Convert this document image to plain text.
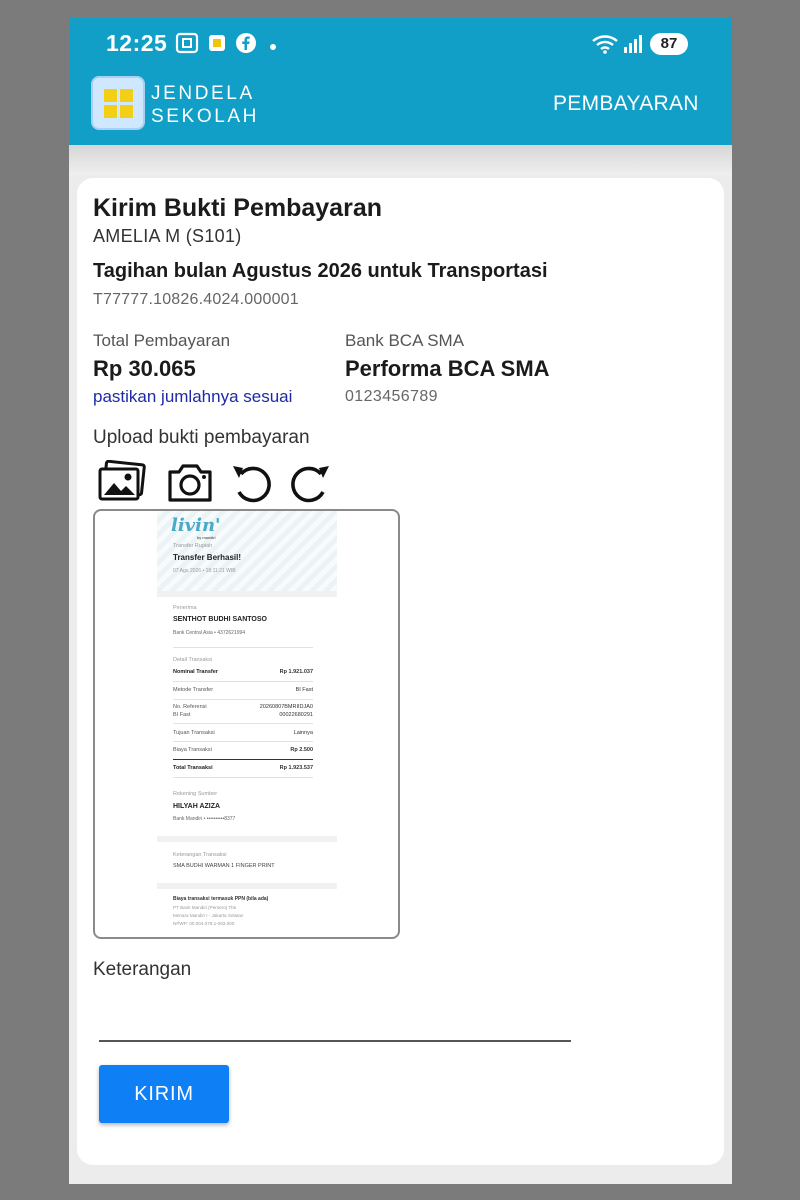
12:25	87
JENDELA
SEKOLAH
PEMBAYARAN
Kirim Bukti Pembayaran
AMELIA M (S101)
Tagihan bulan Agustus 2026 untuk Transportasi
T77777.10826.4024.000001
Total Pembayaran
Rp 30.065
pastikan jumlahnya sesuai
Bank BCA SMA
Performa BCA SMA
0123456789
Upload bukti pembayaran
livin'
by mandiri
Transfer Rupiah
Transfer Berhasil!
07 Agu 2026 • 18:11:21 WIB
Penerima
SENTHOT BUDHI SANTOSO
Bank Central Asia • 4372621994
Detail Transaksi
Nominal Transfer	Rp 1.921.037
Metode Transfer	BI Fast
No. Referensi	20260807BMRIIDJA0
BI Fast	000226802​91
Tujuan Transaksi	Lainnya
Biaya Transaksi	Rp 2.500
Total Transaksi	Rp 1.923.537
Rekening Sumber
HILYAH AZIZA
Bank Mandiri • ••••••••••8377
Keterangan Transaksi
SMA BUDHI WARMAN 1 FINGER PRINT
Biaya transaksi termasuk PPN (bila ada)
PT Bank Mandiri (Persero) Tbk
Menara Mandiri I - Jakarta Selatan
NPWP: 00.004.079.1-093.000
Keterangan
KIRIM
